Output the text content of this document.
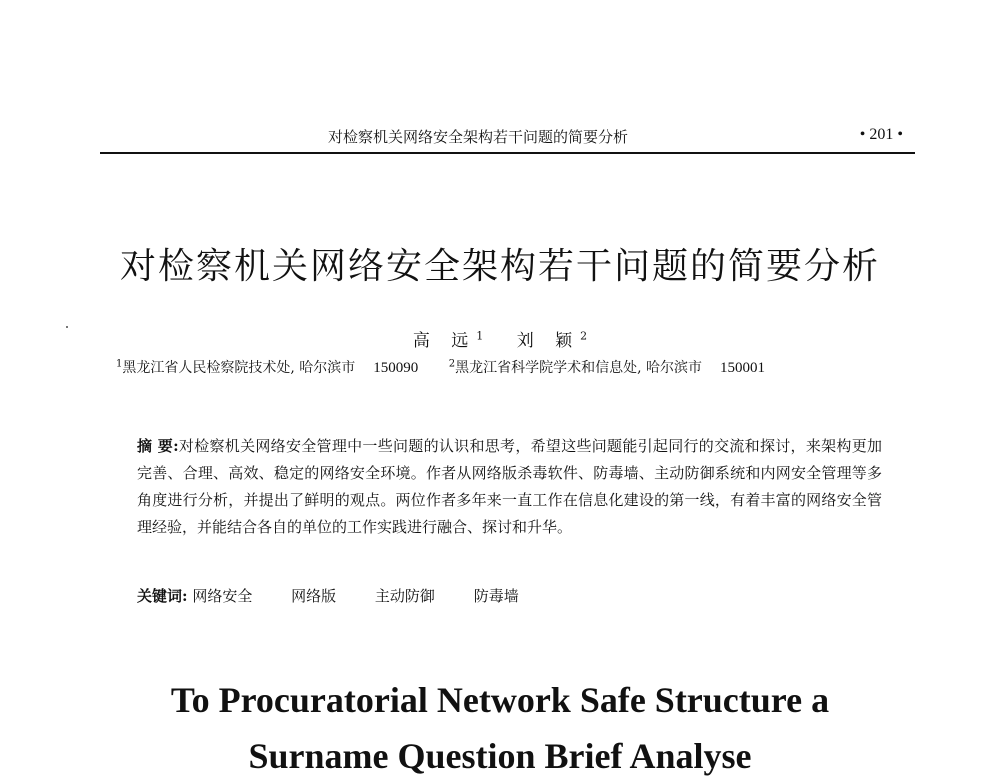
对检察机关网络安全架构若干问题的简要分析	• 201 •
对检察机关网络安全架构若干问题的简要分析
高 远$^1$ 刘 颖$^2$
$^1$黑龙江省人民检察院技术处, 哈尔滨市 150090	$^2$黑龙江省科学院学术和信息处, 哈尔滨市 150001
摘 要:对检察机关网络安全管理中一些问题的认识和思考，希望这些问题能引起同行的交流和探讨，来架构更加完善、合理、高效、稳定的网络安全环境。作者从网络版杀毒软件、防毒墙、主动防御系统和内网安全管理等多角度进行分析，并提出了鲜明的观点。两位作者多年来一直工作在信息化建设的第一线，有着丰富的网络安全管理经验，并能结合各自的单位的工作实践进行融合、探讨和升华。
关键词: 网络安全	网络版	主动防御	防毒墙
To Procuratorial Network Safe Structure a
Surname Question Brief Analyse
